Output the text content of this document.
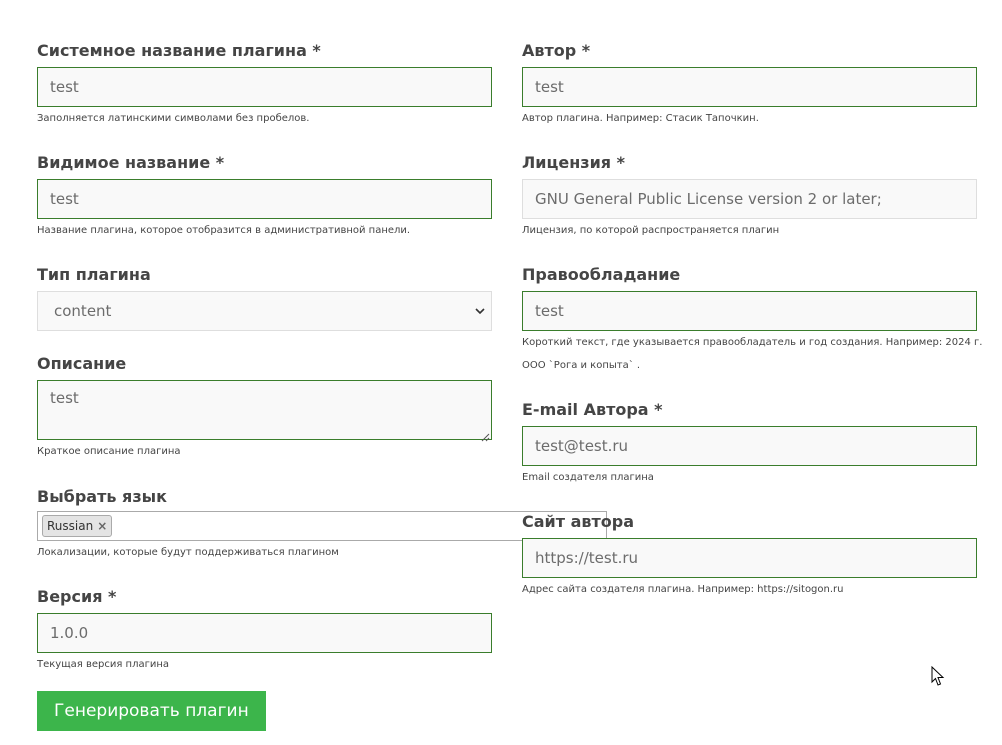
Системное название плагина *
test
Заполняется латинскими символами без пробелов.
Видимое название *
test
Название плагина, которое отобразится в административной панели.
Тип плагина
content
Описание
test
Краткое описание плагина
Выбрать язык
Russian ×
Локализации, которые будут поддерживаться плагином
Версия *
1.0.0
Текущая версия плагина
Генерировать плагин
Автор *
test
Автор плагина. Например: Стасик Тапочкин.
Лицензия *
GNU General Public License version 2 or later;
Лицензия, по которой распространяется плагин
Правообладание
test
Короткий текст, где указывается правообладатель и год создания. Например: 2024 г.
ООО `Рога и копыта` .
E-mail Автора *
test@test.ru
Email создателя плагина
Сайт автора
https://test.ru
Адрес сайта создателя плагина. Например: https://sitogon.ru
